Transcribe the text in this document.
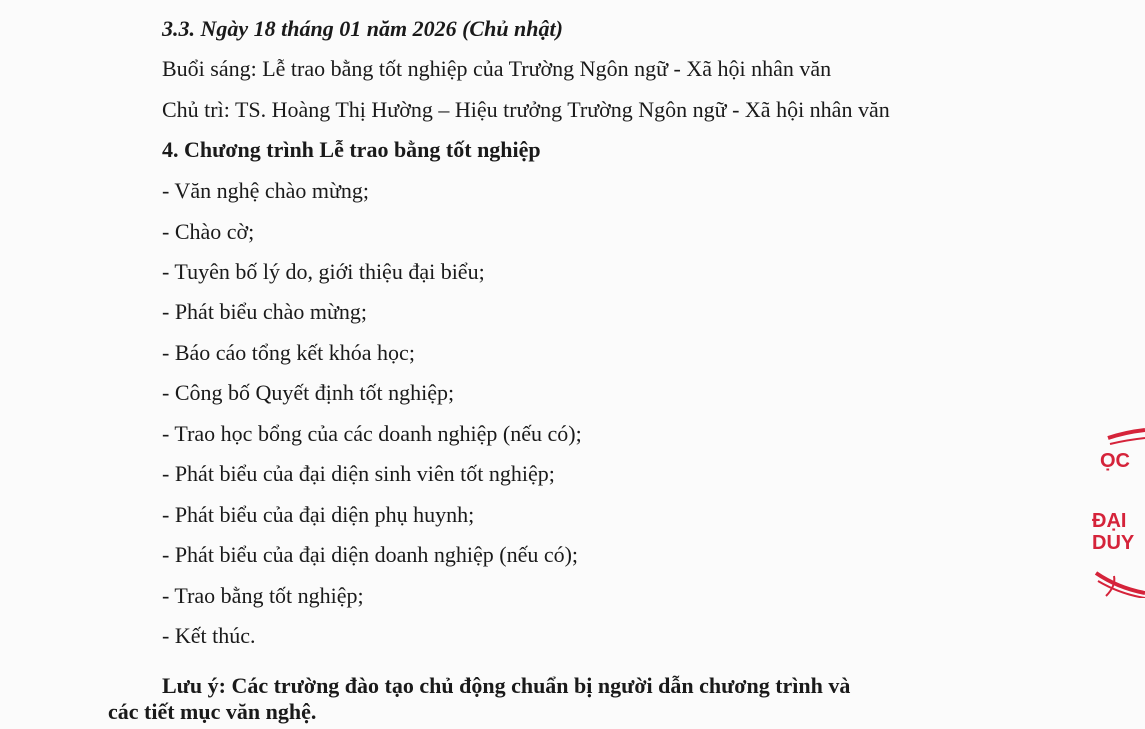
3.3. Ngày 18 tháng 01 năm 2026 (Chủ nhật)
Buổi sáng: Lễ trao bằng tốt nghiệp của Trường Ngôn ngữ - Xã hội nhân văn
Chủ trì: TS. Hoàng Thị Hường – Hiệu trưởng Trường Ngôn ngữ - Xã hội nhân văn
4. Chương trình Lễ trao bằng tốt nghiệp
- Văn nghệ chào mừng;
- Chào cờ;
- Tuyên bố lý do, giới thiệu đại biểu;
- Phát biểu chào mừng;
- Báo cáo tổng kết khóa học;
- Công bố Quyết định tốt nghiệp;
- Trao học bổng của các doanh nghiệp (nếu có);
- Phát biểu của đại diện sinh viên tốt nghiệp;
- Phát biểu của đại diện phụ huynh;
- Phát biểu của đại diện doanh nghiệp (nếu có);
- Trao bằng tốt nghiệp;
- Kết thúc.
Lưu ý: Các trường đào tạo chủ động chuẩn bị người dẫn chương trình và các tiết mục văn nghệ.
ỌC
ĐẠI
DUY
